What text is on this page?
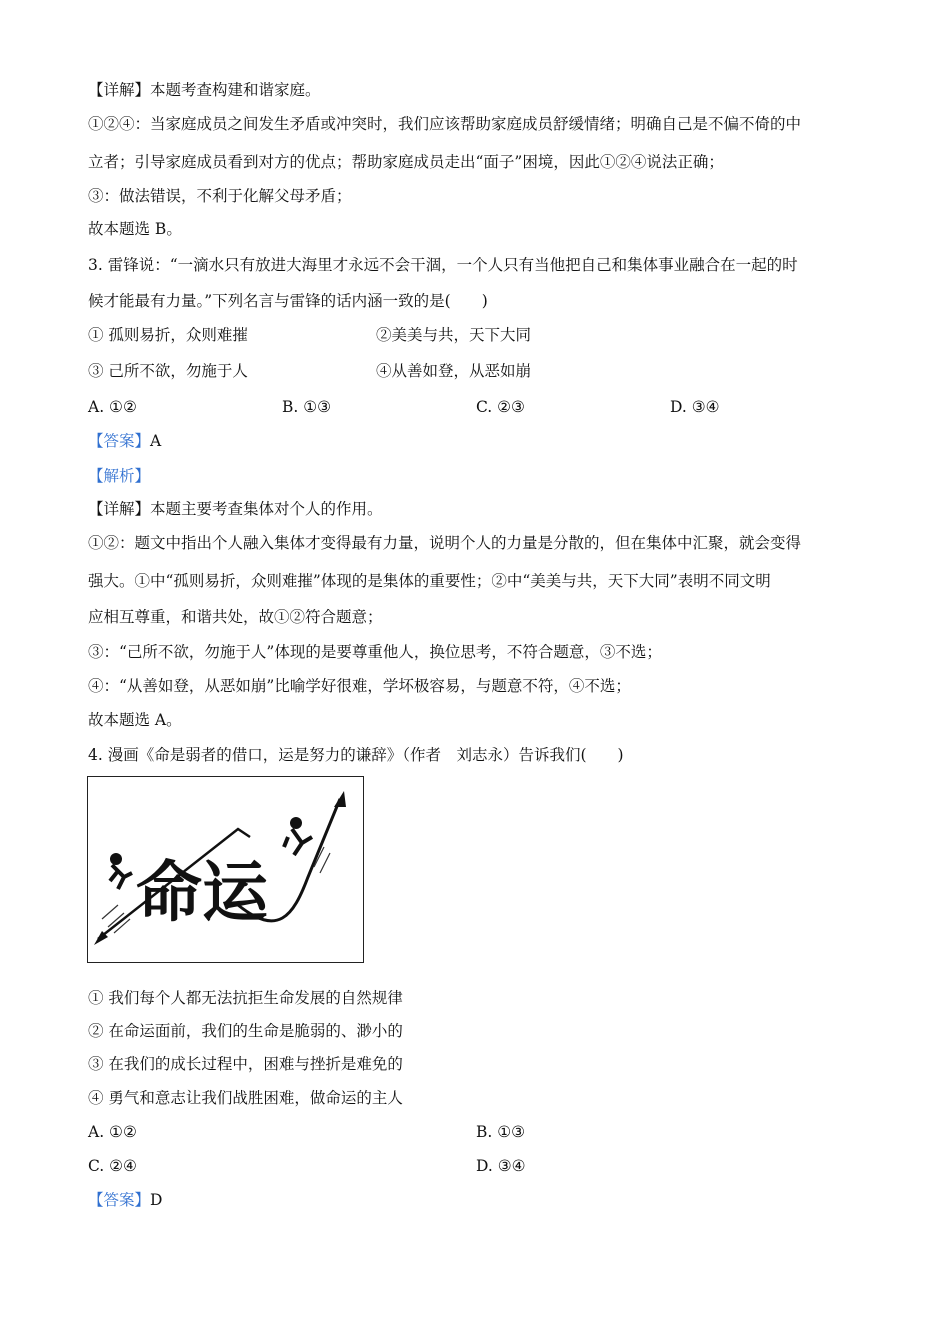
【详解】本题考查构建和谐家庭。
①②④：当家庭成员之间发生矛盾或冲突时，我们应该帮助家庭成员舒缓情绪；明确自己是不偏不倚的中
立者；引导家庭成员看到对方的优点；帮助家庭成员走出“面子”困境，因此①②④说法正确；
③：做法错误，不利于化解父母矛盾；
故本题选 B。
3. 雷锋说：“一滴水只有放进大海里才永远不会干涸，一个人只有当他把自己和集体事业融合在一起的时
候才能最有力量。”下列名言与雷锋的话内涵一致的是(　　)
① 孤则易折，众则难摧	②美美与共，天下大同
③ 己所不欲，勿施于人	④从善如登，从恶如崩
A. ①②	B. ①③	C. ②③	D. ③④
【答案】A
【解析】
【详解】本题主要考查集体对个人的作用。
①②：题文中指出个人融入集体才变得最有力量，说明个人的力量是分散的，但在集体中汇聚，就会变得
强大。①中“孤则易折，众则难摧”体现的是集体的重要性；②中“美美与共，天下大同”表明不同文明
应相互尊重，和谐共处，故①②符合题意；
③：“己所不欲，勿施于人”体现的是要尊重他人，换位思考，不符合题意，③不选；
④：“从善如登，从恶如崩”比喻学好很难，学坏极容易，与题意不符，④不选；
故本题选 A。
4. 漫画《命是弱者的借口，运是努力的谦辞》（作者　刘志永）告诉我们(　　)
命运
① 我们每个人都无法抗拒生命发展的自然规律
② 在命运面前，我们的生命是脆弱的、渺小的
③ 在我们的成长过程中，困难与挫折是难免的
④ 勇气和意志让我们战胜困难，做命运的主人
A. ①②	B. ①③
C. ②④	D. ③④
【答案】D
